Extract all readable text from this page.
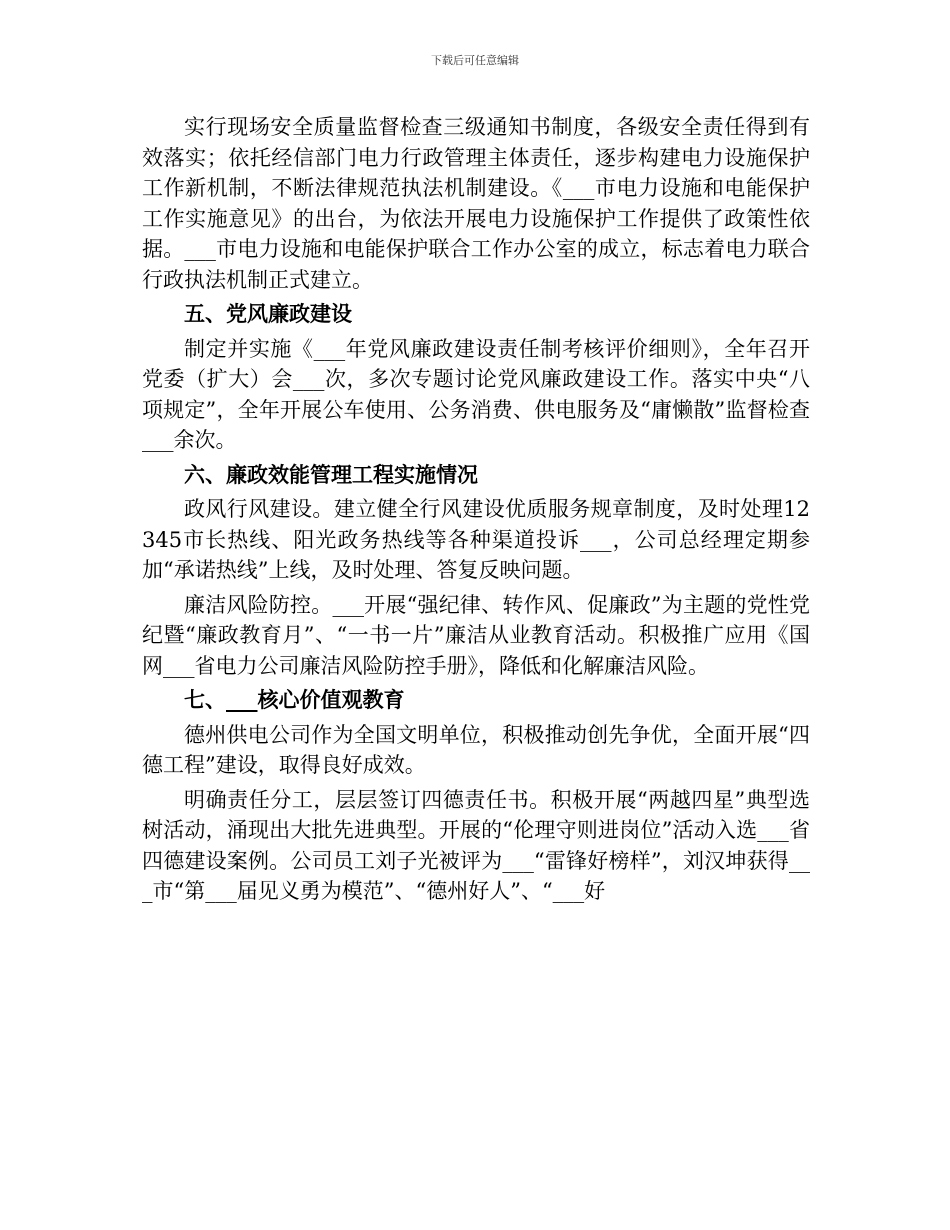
下载后可任意编辑

实行现场安全质量监督检查三级通知书制度，各级安全责任得到有效落实；依托经信部门电力行政管理主体责任，逐步构建电力设施保护工作新机制，不断法律规范执法机制建设。《___市电力设施和电能保护工作实施意见》的出台，为依法开展电力设施保护工作提供了政策性依据。___市电力设施和电能保护联合工作办公室的成立，标志着电力联合行政执法机制正式建立。

五、党风廉政建设

制定并实施《___年党风廉政建设责任制考核评价细则》，全年召开党委（扩大）会___次，多次专题讨论党风廉政建设工作。落实中央“八项规定”，全年开展公车使用、公务消费、供电服务及“庸懒散”监督检查___余次。

六、廉政效能管理工程实施情况

政风行风建设。建立健全行风建设优质服务规章制度，及时处理12345市长热线、阳光政务热线等各种渠道投诉___，公司总经理定期参加“承诺热线”上线，及时处理、答复反映问题。

廉洁风险防控。___开展“强纪律、转作风、促廉政”为主题的党性党纪暨“廉政教育月”、“一书一片”廉洁从业教育活动。积极推广应用《国网___省电力公司廉洁风险防控手册》，降低和化解廉洁风险。

七、___核心价值观教育

德州供电公司作为全国文明单位，积极推动创先争优，全面开展“四德工程”建设，取得良好成效。

明确责任分工，层层签订四德责任书。积极开展“两越四星”典型选树活动，涌现出大批先进典型。开展的“伦理守则进岗位”活动入选___省四德建设案例。公司员工刘子光被评为___“雷锋好榜样”，刘汉坤获得___市“第___届见义勇为模范”、“德州好人”、“___好
